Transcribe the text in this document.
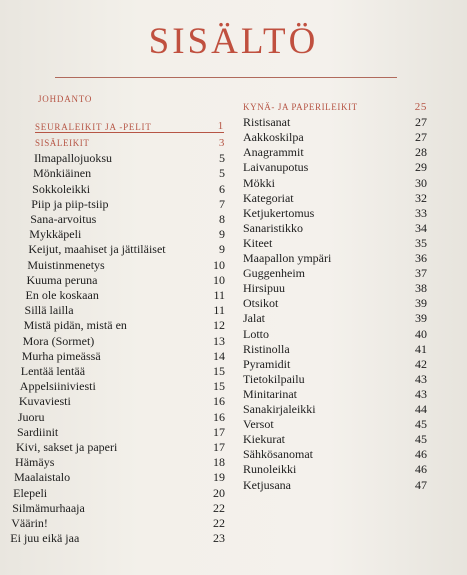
SISÄLTÖ
JOHDANTO
SEURALEIKIT JA -PELIT	1
SISÄLEIKIT	3
Ilmapallojuoksu	5
Mönkiäinen	5
Sokkoleikki	6
Piip ja piip-tsiip	7
Sana-arvoitus	8
Mykkäpeli	9
Keijut, maahiset ja jättiläiset	9
Muistinmenetys	10
Kuuma peruna	10
En ole koskaan	11
Sillä lailla	11
Mistä pidän, mistä en	12
Mora (Sormet)	13
Murha pimeässä	14
Lentää lentää	15
Appelsiiniviesti	15
Kuvaviesti	16
Juoru	16
Sardiinit	17
Kivi, sakset ja paperi	17
Hämäys	18
Maalaistalo	19
Elepeli	20
Silmämurhaaja	22
Väärin!	22
Ei juu eikä jaa	23
KYNÄ- JA PAPERILEIKIT	25
Ristisanat	27
Aakkoskilpa	27
Anagrammit	28
Laivanupotus	29
Mökki	30
Kategoriat	32
Ketjukertomus	33
Sanaristikko	34
Kiteet	35
Maapallon ympäri	36
Guggenheim	37
Hirsipuu	38
Otsikot	39
Jalat	39
Lotto	40
Ristinolla	41
Pyramidit	42
Tietokilpailu	43
Minitarinat	43
Sanakirjaleikki	44
Versot	45
Kiekurat	45
Sähkösanomat	46
Runoleikki	46
Ketjusana	47
